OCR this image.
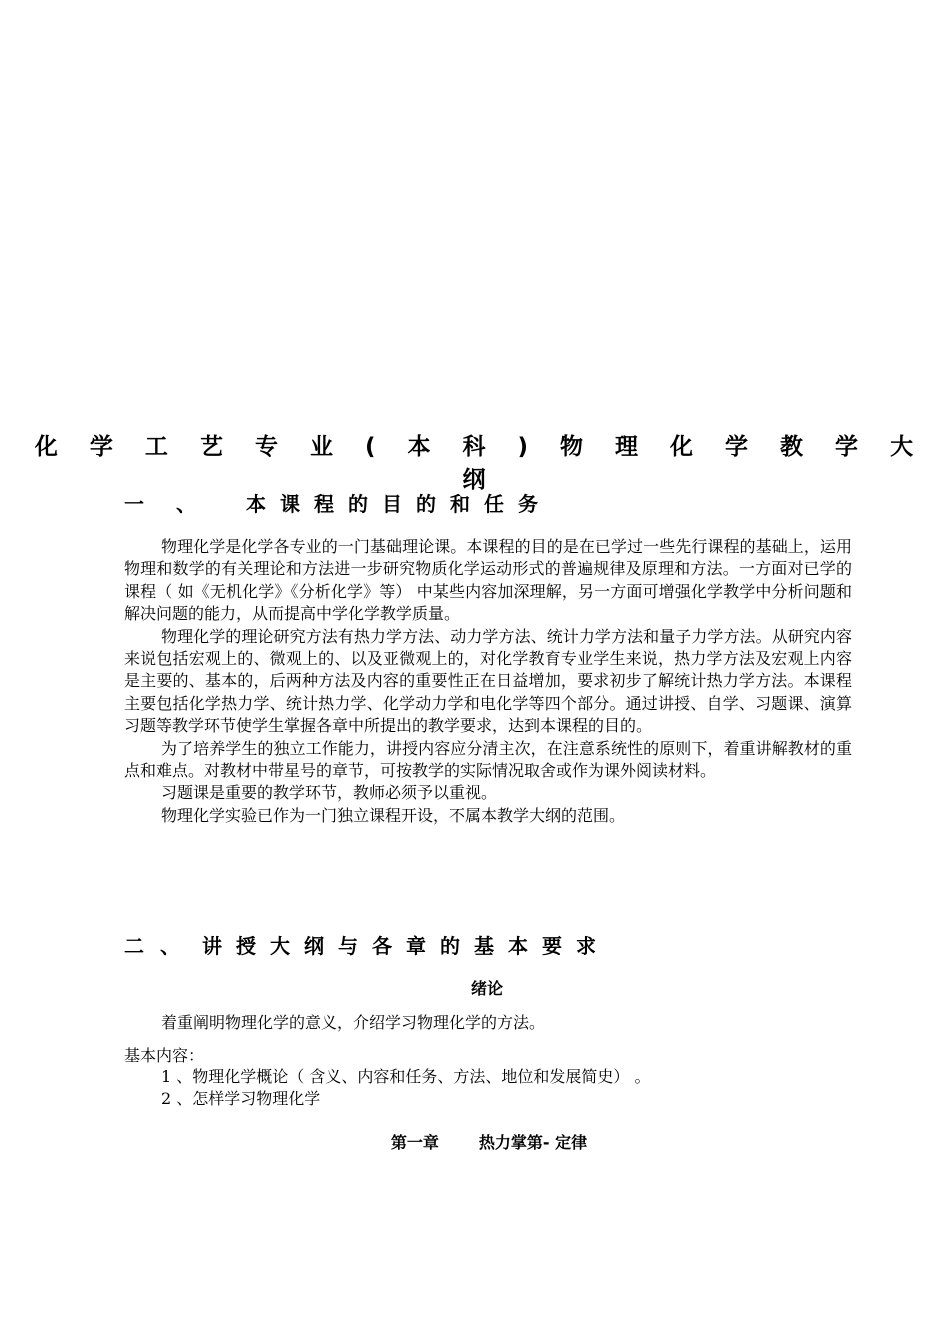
化 学 工 艺 专 业 ( 本 科 ) 物 理 化 学 教 学 大 纲
一 、 本课程的目的和任务

物理化学是化学各专业的一门基础理论课。本课程的目的是在已学过一些先行课程的基础上，运用物理和数学的有关理论和方法进一步研究物质化学运动形式的普遍规律及原理和方法。一方面对已学的课程（ 如《无机化学》《分析化学》等） 中某些内容加深理解，另一方面可增强化学教学中分析问题和解决问题的能力，从而提高中学化学教学质量。

物理化学的理论研究方法有热力学方法、动力学方法、统计力学方法和量子力学方法。从研究内容来说包括宏观上的、微观上的、以及亚微观上的，对化学教育专业学生来说，热力学方法及宏观上内容是主要的、基本的，后两种方法及内容的重要性正在日益增加，要求初步了解统计热力学方法。本课程主要包括化学热力学、统计热力学、化学动力学和电化学等四个部分。通过讲授、自学、习题课、演算习题等教学环节使学生掌握各章中所提出的教学要求，达到本课程的目的。

为了培养学生的独立工作能力，讲授内容应分清主次，在注意系统性的原则下，着重讲解教材的重点和难点。对教材中带星号的章节，可按教学的实际情况取舍或作为课外阅读材料。

习题课是重要的教学环节，教师必须予以重视。

物理化学实验已作为一门独立课程开设，不属本教学大纲的范围。

二 、 讲授大纲与各章的基本要求
绪论
着重阐明物理化学的意义，介绍学习物理化学的方法。
基本内容：
1 、物理化学概论（ 含义、内容和任务、方法、地位和发展简史） 。
2 、怎样学习物理化学
第一章	热力掌第- 定律
